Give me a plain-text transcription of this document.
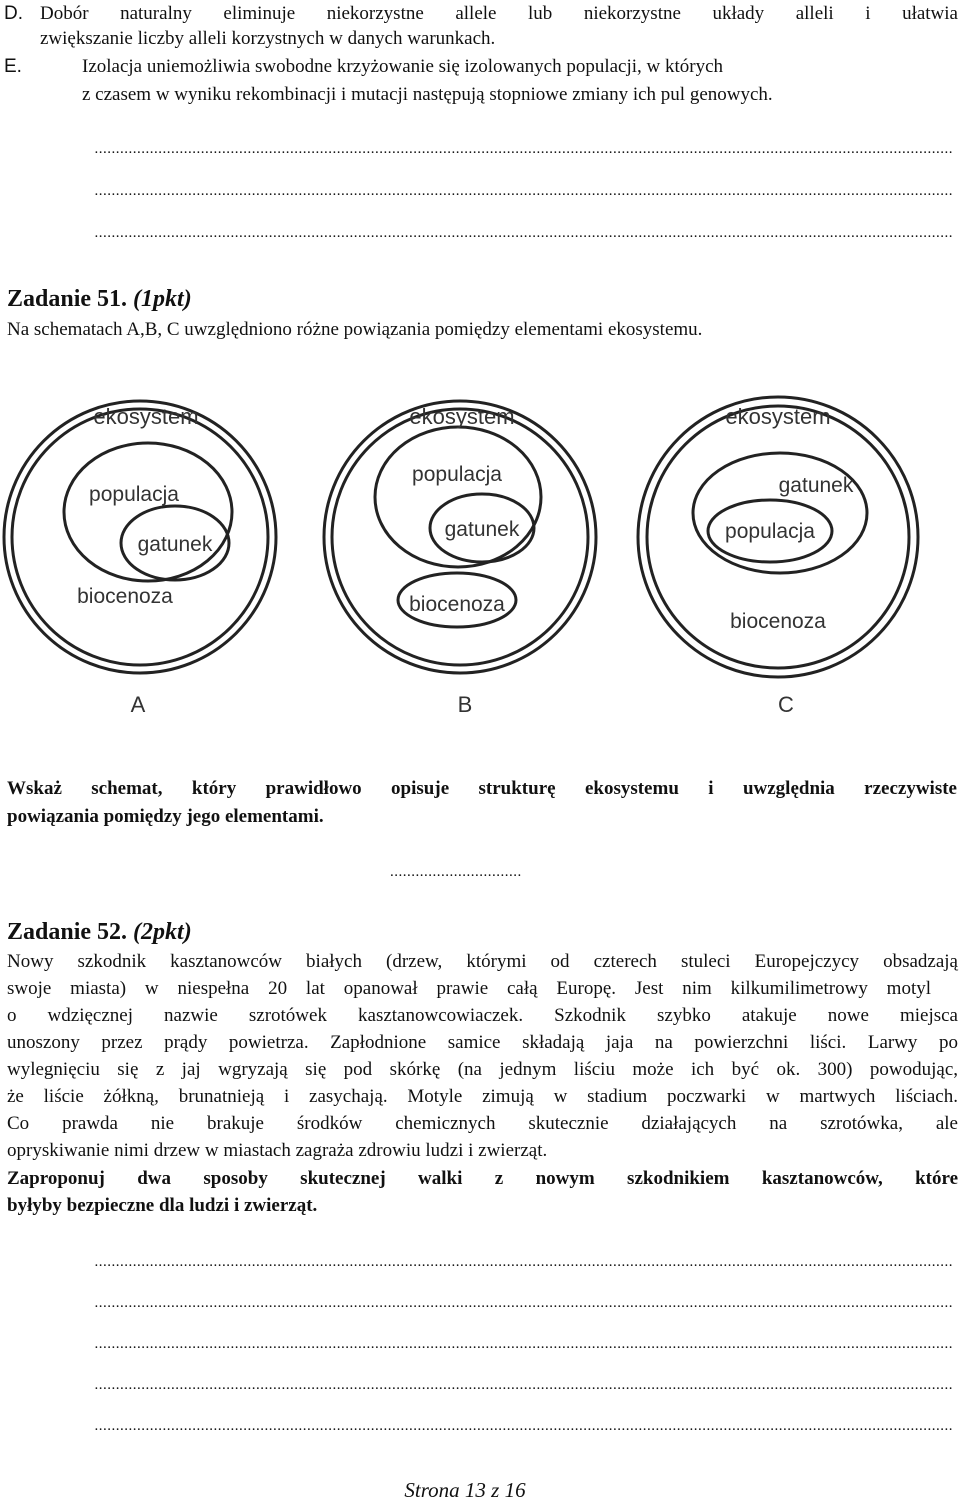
D. Dobór naturalny eliminuje niekorzystne allele lub niekorzystne układy alleli i ułatwia
zwiększanie liczby alleli korzystnych w danych warunkach.
E.	Izolacja uniemożliwia swobodne krzyżowanie się izolowanych populacji, w których
z czasem w wyniku rekombinacji i mutacji następują stopniowe zmiany ich pul genowych.
..........................................................................................................................................................................................................
..........................................................................................................................................................................................................
..........................................................................................................................................................................................................
Zadanie 51. (1pkt)
Na schematach A,B, C uwzględniono różne powiązania pomiędzy elementami ekosystemu.
ekosystem
populacja
gatunek
biocenoza
ekosystem
populacja
gatunek
biocenoza
ekosystem
gatunek
populacja
biocenoza
A	B	C
Wskaż schemat, który prawidłowo opisuje strukturę ekosystemu i uwzględnia rzeczywiste
powiązania pomiędzy jego elementami.
...............................
Zadanie 52. (2pkt)
Nowy szkodnik kasztanowców białych (drzew, którymi od czterech stuleci Europejczycy obsadzają
swoje miasta) w niespełna 20 lat opanował prawie całą Europę. Jest nim kilkumilimetrowy motyl
o wdzięcznej nazwie szrotówek kasztanowcowiaczek. Szkodnik szybko atakuje nowe miejsca
unoszony przez prądy powietrza. Zapłodnione samice składają jaja na powierzchni liści. Larwy po
wylegnięciu się z jaj wgryzają się pod skórkę (na jednym liściu może ich być ok. 300) powodując,
że liście żółkną, brunatnieją i zasychają. Motyle zimują w stadium poczwarki w martwych liściach.
Co prawda nie brakuje środków chemicznych skutecznie działających na szrotówka, ale
opryskiwanie nimi drzew w miastach zagraża zdrowiu ludzi i zwierząt.
Zaproponuj dwa sposoby skutecznej walki z nowym szkodnikiem kasztanowców, które
byłyby bezpieczne dla ludzi i zwierząt.
..........................................................................................................................................................................................................
..........................................................................................................................................................................................................
..........................................................................................................................................................................................................
..........................................................................................................................................................................................................
..........................................................................................................................................................................................................
Strona 13 z 16
